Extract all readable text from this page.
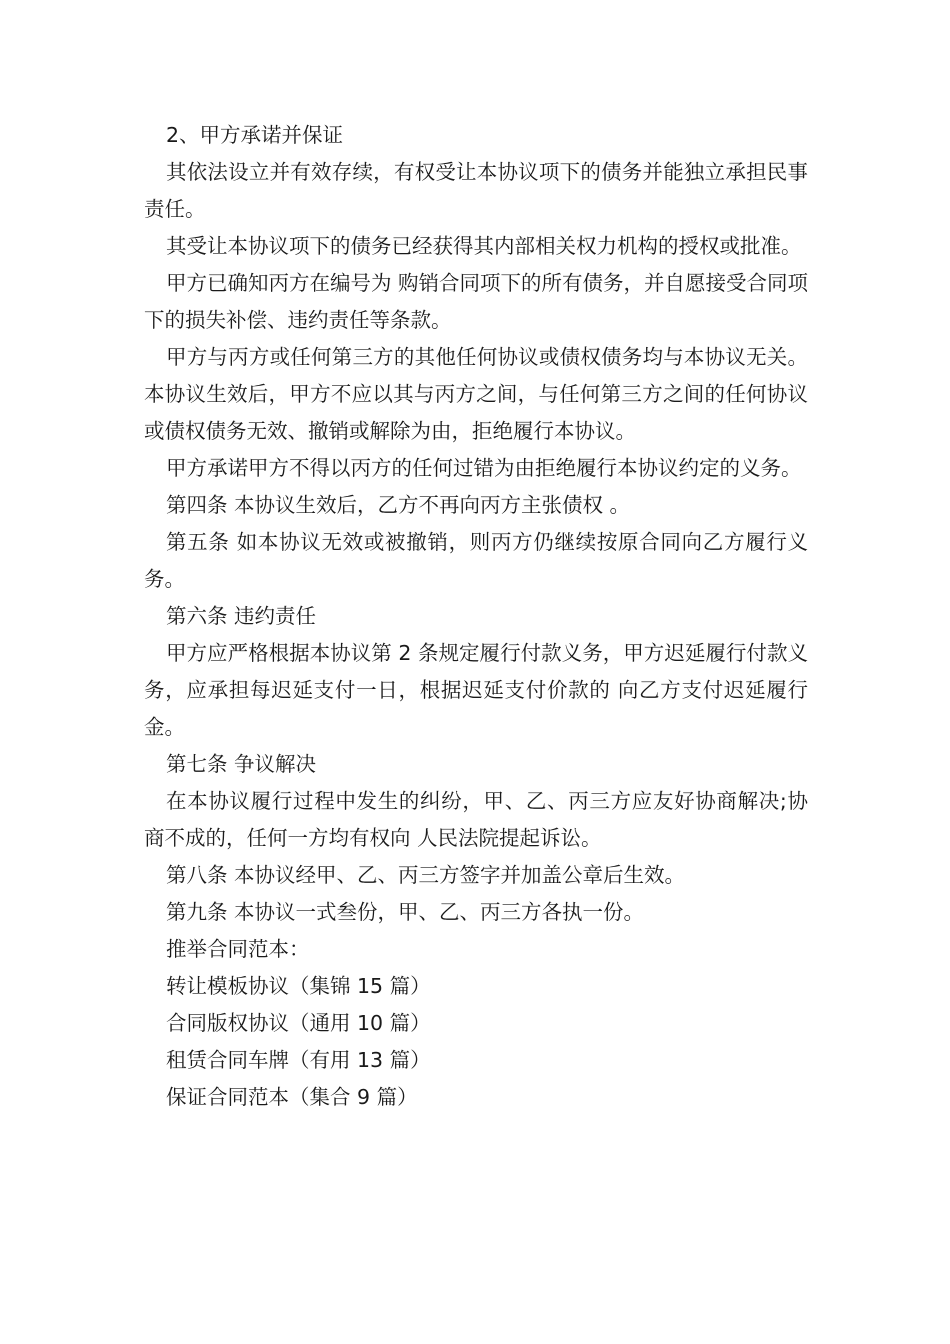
2、甲方承诺并保证

其依法设立并有效存续，有权受让本协议项下的债务并能独立承担民事责任。

其受让本协议项下的债务已经获得其内部相关权力机构的授权或批准。

甲方已确知丙方在编号为 购销合同项下的所有债务，并自愿接受合同项下的损失补偿、违约责任等条款。

甲方与丙方或任何第三方的其他任何协议或债权债务均与本协议无关。本协议生效后，甲方不应以其与丙方之间，与任何第三方之间的任何协议或债权债务无效、撤销或解除为由，拒绝履行本协议。

甲方承诺甲方不得以丙方的任何过错为由拒绝履行本协议约定的义务。

第四条 本协议生效后，乙方不再向丙方主张债权 。

第五条 如本协议无效或被撤销，则丙方仍继续按原合同向乙方履行义务。

第六条 违约责任

甲方应严格根据本协议第 2 条规定履行付款义务，甲方迟延履行付款义务，应承担每迟延支付一日，根据迟延支付价款的 向乙方支付迟延履行金。

第七条 争议解决

在本协议履行过程中发生的纠纷，甲、乙、丙三方应友好协商解决;协商不成的，任何一方均有权向 人民法院提起诉讼。

第八条 本协议经甲、乙、丙三方签字并加盖公章后生效。

第九条 本协议一式叁份，甲、乙、丙三方各执一份。

推举合同范本：

转让模板协议（集锦 15 篇）

合同版权协议（通用 10 篇）

租赁合同车牌（有用 13 篇）

保证合同范本（集合 9 篇）
